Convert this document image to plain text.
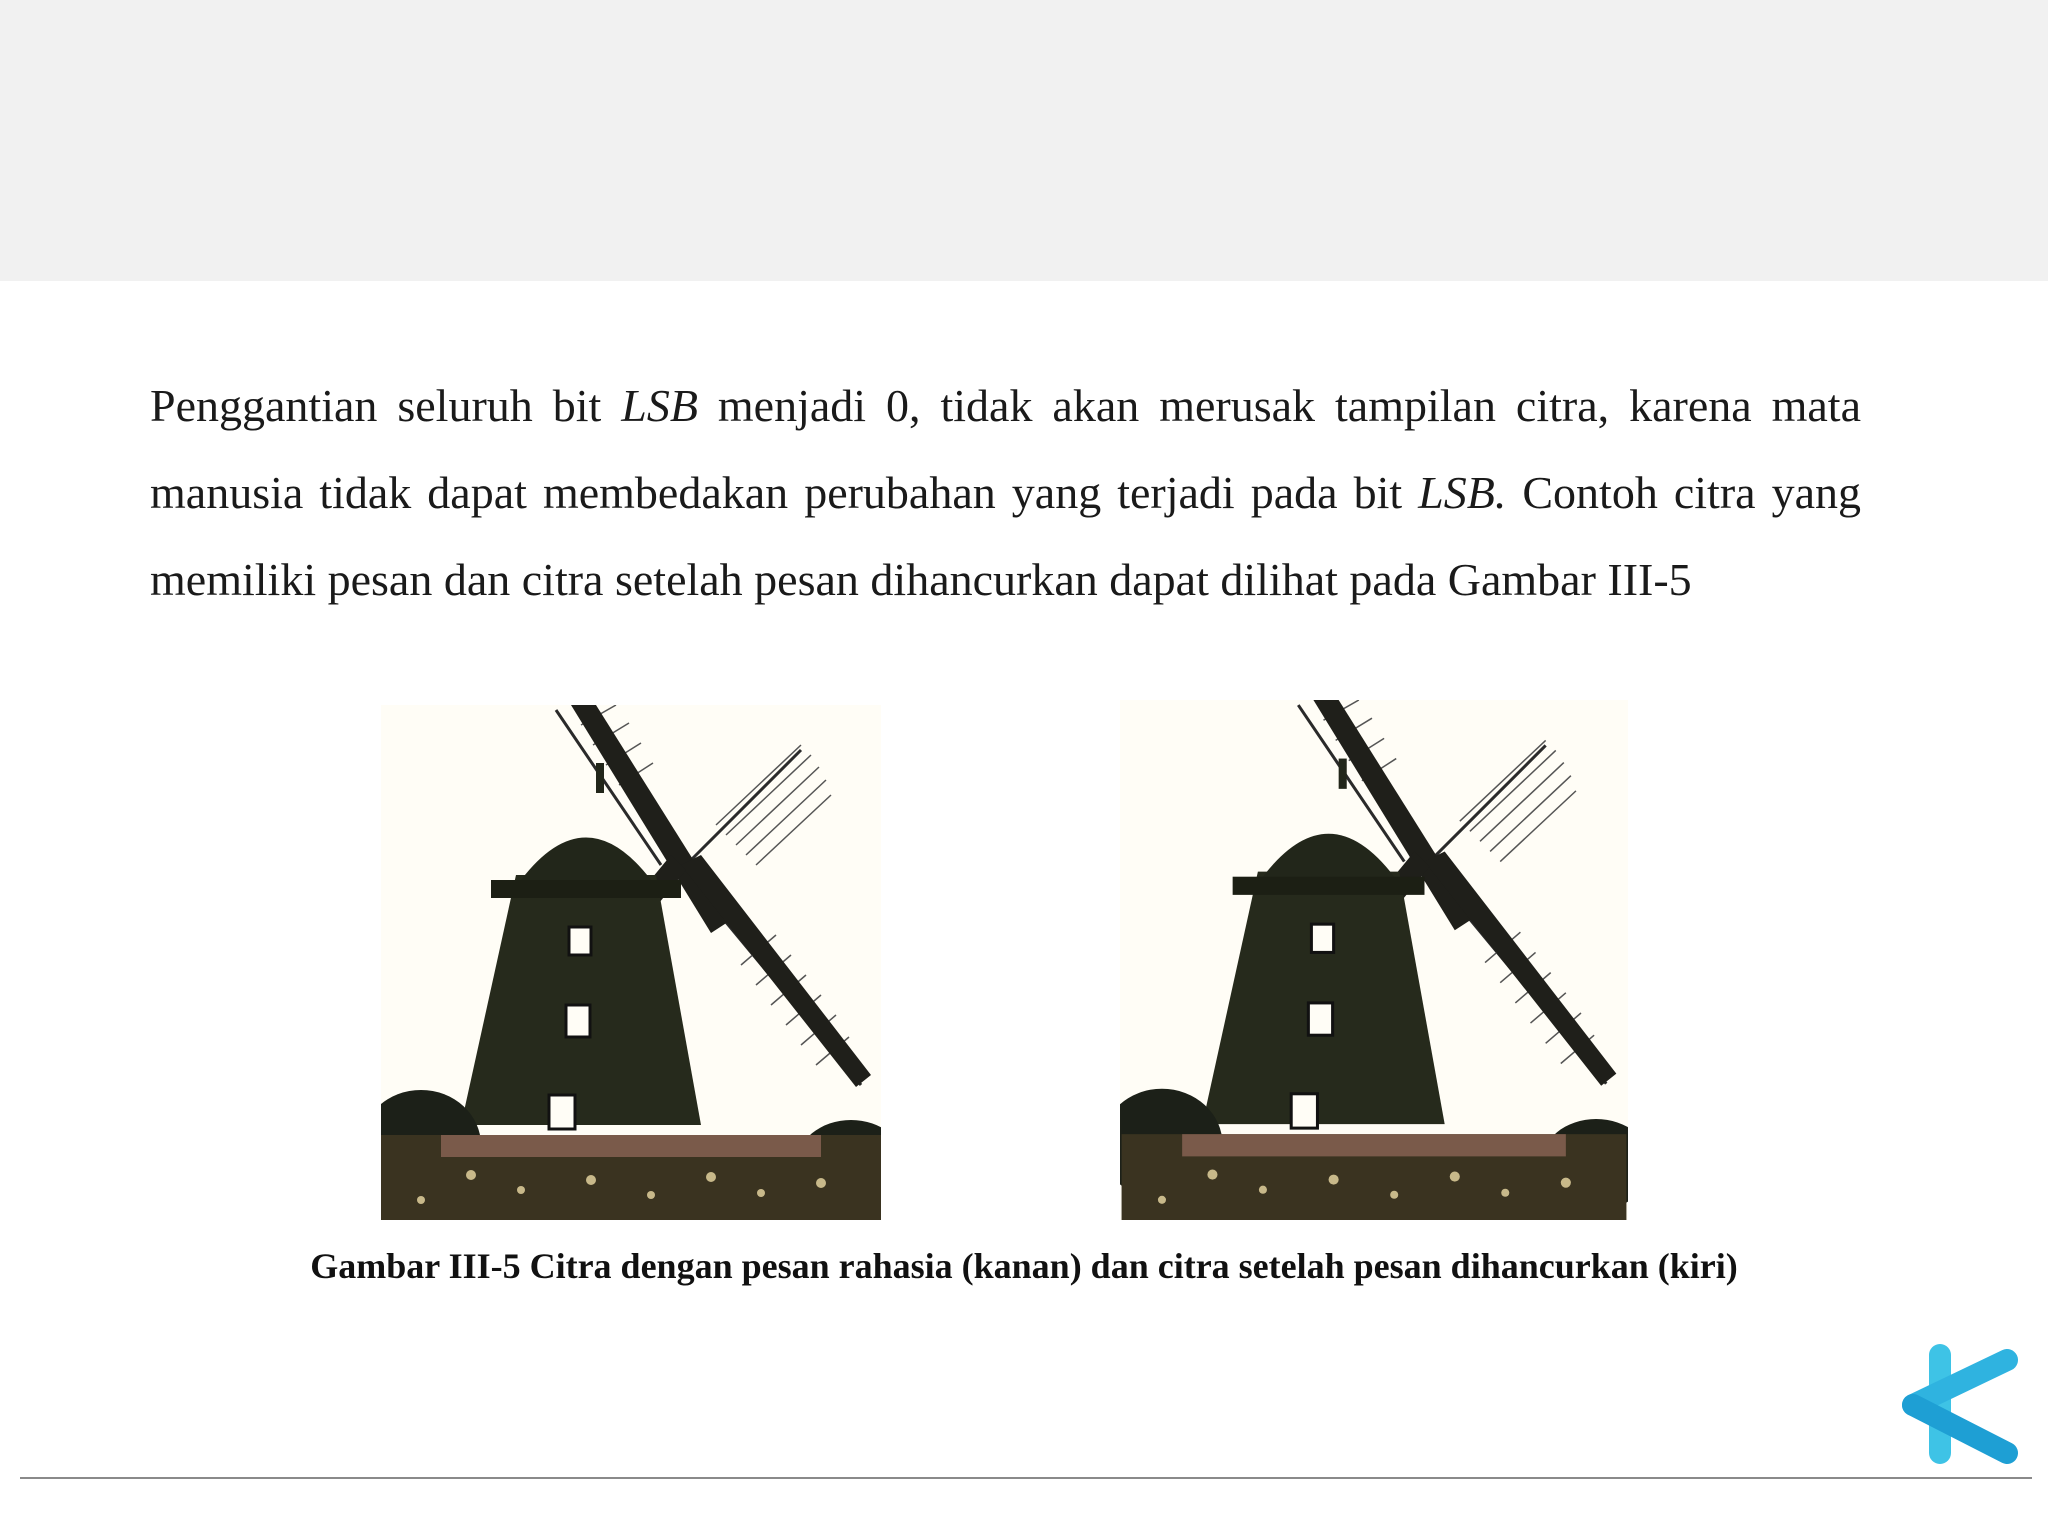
Penggantian seluruh bit LSB menjadi 0, tidak akan merusak tampilan citra, karena mata manusia tidak dapat membedakan perubahan yang terjadi pada bit LSB. Contoh citra yang memiliki pesan dan citra setelah pesan dihancurkan dapat dilihat pada Gambar III-5

Gambar III-5 Citra dengan pesan rahasia (kanan) dan citra setelah pesan dihancurkan (kiri)
